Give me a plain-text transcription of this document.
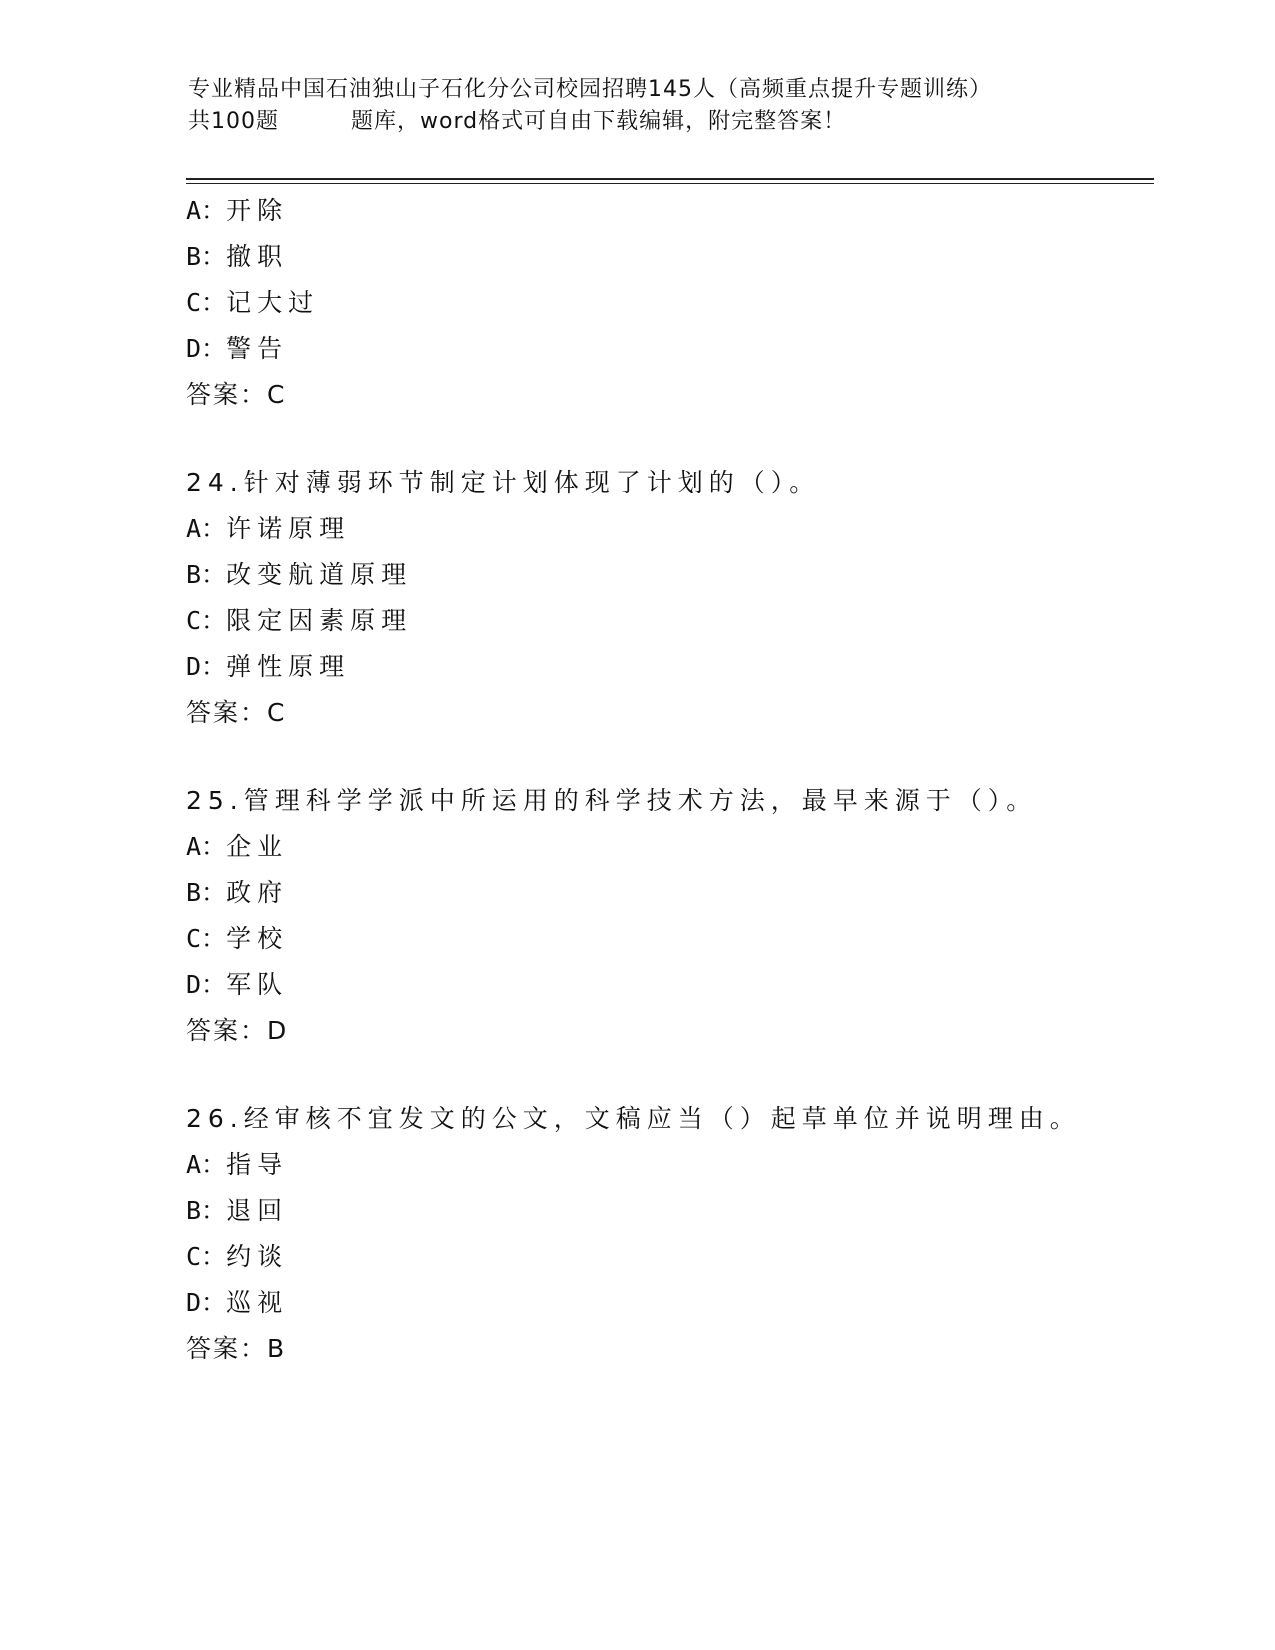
专业精品中国石油独山子石化分公司校园招聘145人（高频重点提升专题训练）
共100题	题库，word格式可自由下载编辑，附完整答案！
A：开除
B：撤职
C：记大过
D：警告
答案：C
24.针对薄弱环节制定计划体现了计划的（）。
A：许诺原理
B：改变航道原理
C：限定因素原理
D：弹性原理
答案：C
25.管理科学学派中所运用的科学技术方法，最早来源于（）。
A：企业
B：政府
C：学校
D：军队
答案：D
26.经审核不宜发文的公文，文稿应当（）起草单位并说明理由。
A：指导
B：退回
C：约谈
D：巡视
答案：B
